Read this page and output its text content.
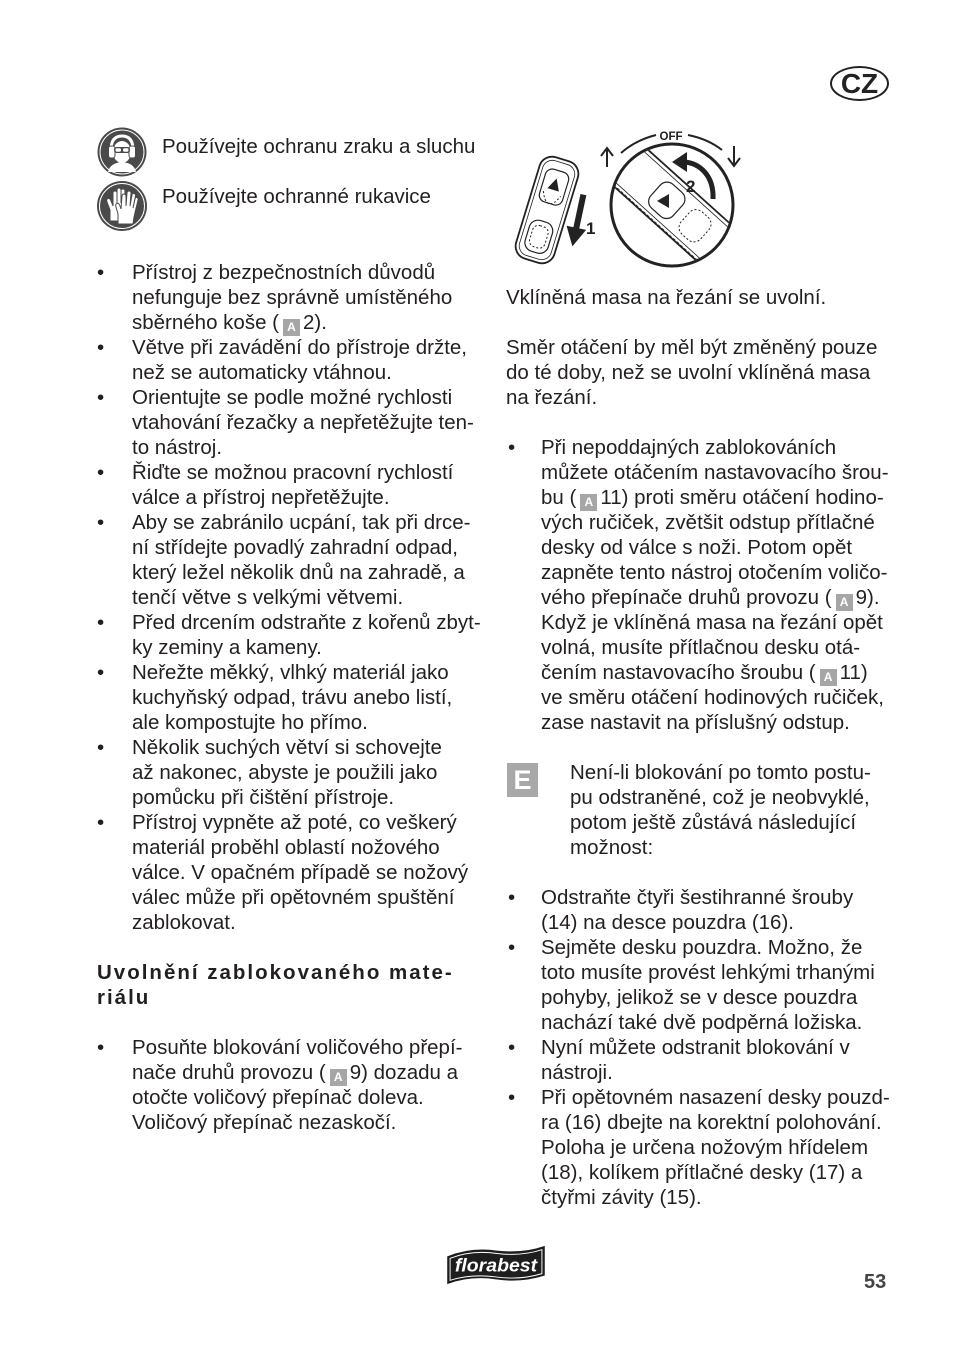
CZ
Používejte ochranu zraku a sluchu
Používejte ochranné rukavice
• Přístroj z bezpečnostních důvodů
nefunguje bez správně umístěného
sběrného koše ( A 2).
• Větve při zavádění do přístroje držte,
než se automaticky vtáhnou.
• Orientujte se podle možné rychlosti
vtahování řezačky a nepřetěžujte ten-
to nástroj.
• Řiďte se možnou pracovní rychlostí
válce a přístroj nepřetěžujte.
• Aby se zabránilo ucpání, tak při drce-
ní střídejte povadlý zahradní odpad,
který ležel několik dnů na zahradě, a
tenčí větve s velkými větvemi.
• Před drcením odstraňte z kořenů zbyt-
ky zeminy a kameny.
• Neřežte měkký, vlhký materiál jako
kuchyňský odpad, trávu anebo listí,
ale kompostujte ho přímo.
• Několik suchých větví si schovejte
až nakonec, abyste je použili jako
pomůcku při čištění přístroje.
• Přístroj vypněte až poté, co veškerý
materiál proběhl oblastí nožového
válce. V opačném případě se nožový
válec může při opětovném spuštění
zablokovat.
Uvolnění zablokovaného mate-
riálu
• Posuňte blokování voličového přepí-
nače druhů provozu ( A 9) dozadu a
otočte voličový přepínač doleva.
Voličový přepínač nezaskočí.
1
2
OFF
Vklíněná masa na řezání se uvolní.
Směr otáčení by měl být změněný pouze
do té doby, než se uvolní vklíněná masa
na řezání.
• Při nepoddajných zablokováních
můžete otáčením nastavovacího šrou-
bu ( A 11) proti směru otáčení hodino-
vých ručiček, zvětšit odstup přítlačné
desky od válce s noži. Potom opět
zapněte tento nástroj otočením voličo-
vého přepínače druhů provozu ( A 9).
Když je vklíněná masa na řezání opět
volná, musíte přítlačnou desku otá-
čením nastavovacího šroubu ( A 11)
ve směru otáčení hodinových ručiček,
zase nastavit na příslušný odstup.
E	Není-li blokování po tomto postu-
pu odstraněné, což je neobvyklé,
potom ještě zůstává následující
možnost:
• Odstraňte čtyři šestihranné šrouby
(14) na desce pouzdra (16).
• Sejměte desku pouzdra. Možno, že
toto musíte provést lehkými trhanými
pohyby, jelikož se v desce pouzdra
nachází také dvě podpěrná ložiska.
• Nyní můžete odstranit blokování v
nástroji.
• Při opětovném nasazení desky pouzd-
ra (16) dbejte na korektní polohování.
Poloha je určena nožovým hřídelem
(18), kolíkem přítlačné desky (17) a
čtyřmi závity (15).
florabest
53
